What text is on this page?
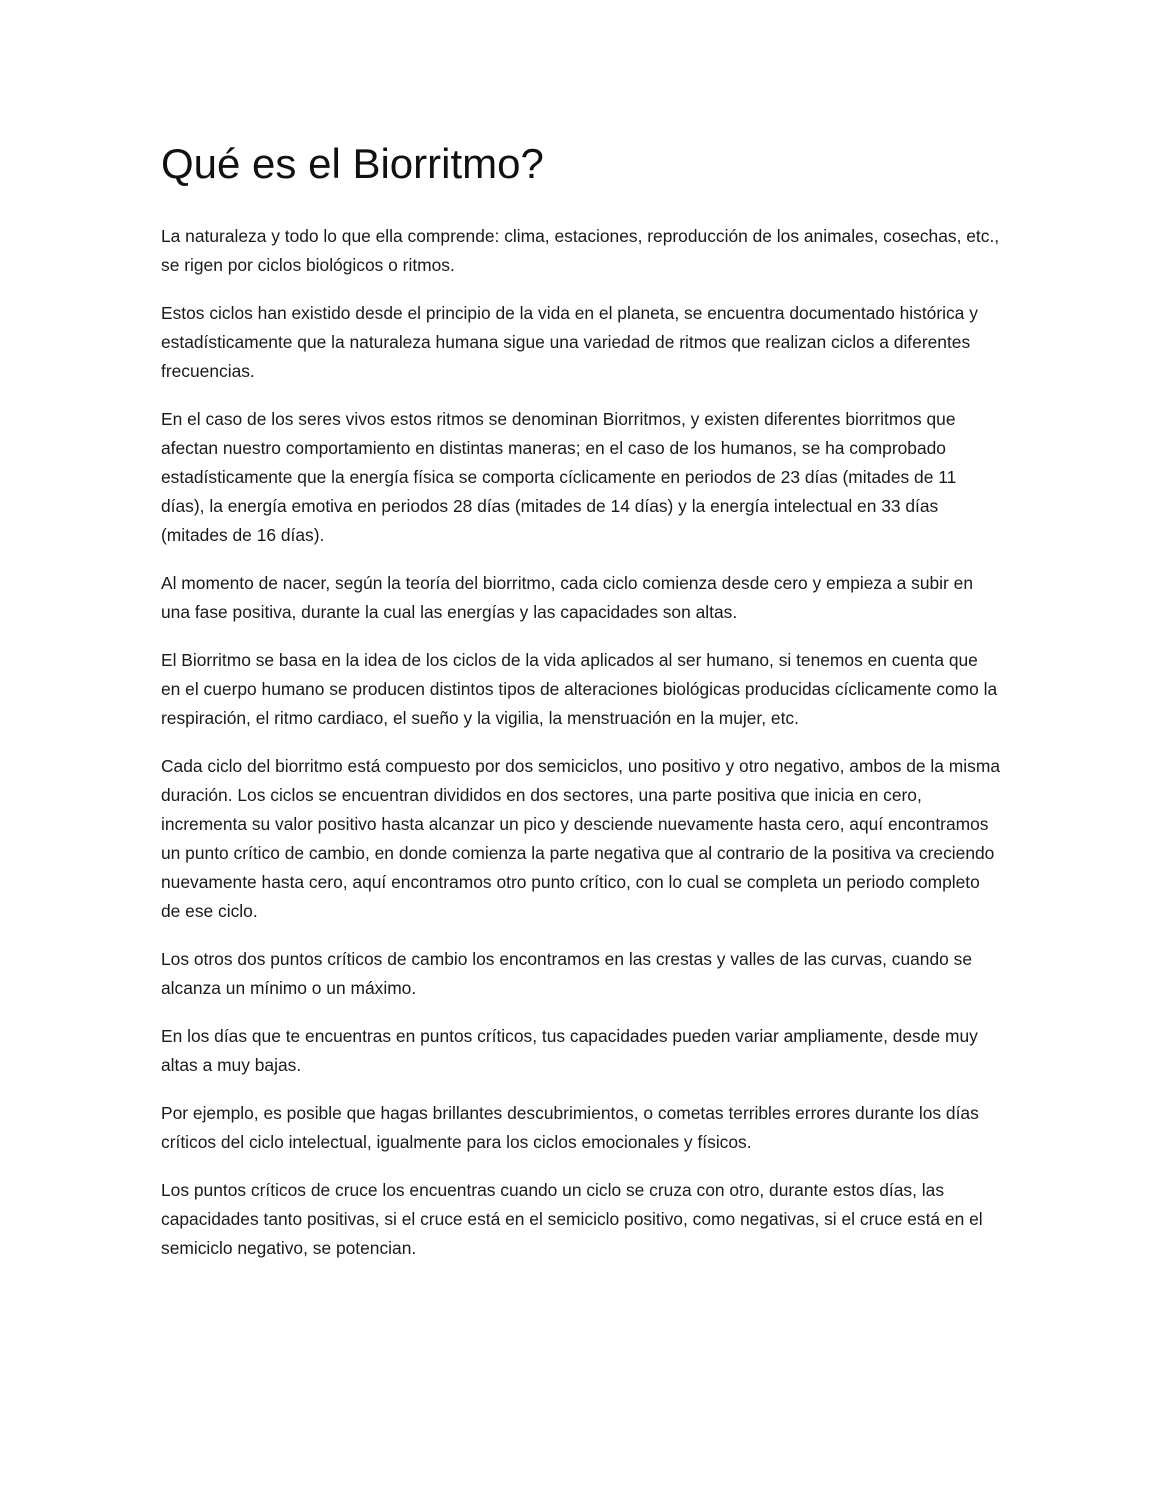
Qué es el Biorritmo?

La naturaleza y todo lo que ella comprende: clima, estaciones, reproducción de los animales, cosechas, etc., se rigen por ciclos biológicos o ritmos.

Estos ciclos han existido desde el principio de la vida en el planeta, se encuentra documentado histórica y estadísticamente que la naturaleza humana sigue una variedad de ritmos que realizan ciclos a diferentes frecuencias.

En el caso de los seres vivos estos ritmos se denominan Biorritmos, y existen diferentes biorritmos que afectan nuestro comportamiento en distintas maneras; en el caso de los humanos, se ha comprobado estadísticamente que la energía física se comporta cíclicamente en periodos de 23 días (mitades de 11 días), la energía emotiva en periodos 28 días (mitades de 14 días) y la energía intelectual en 33 días (mitades de 16 días).

Al momento de nacer, según la teoría del biorritmo, cada ciclo comienza desde cero y empieza a subir en una fase positiva, durante la cual las energías y las capacidades son altas.

El Biorritmo se basa en la idea de los ciclos de la vida aplicados al ser humano, si tenemos en cuenta que en el cuerpo humano se producen distintos tipos de alteraciones biológicas producidas cíclicamente como la respiración, el ritmo cardiaco, el sueño y la vigilia, la menstruación en la mujer, etc.

Cada ciclo del biorritmo está compuesto por dos semiciclos, uno positivo y otro negativo, ambos de la misma duración. Los ciclos se encuentran divididos en dos sectores, una parte positiva que inicia en cero, incrementa su valor positivo hasta alcanzar un pico y desciende nuevamente hasta cero, aquí encontramos un punto crítico de cambio, en donde comienza la parte negativa que al contrario de la positiva va creciendo nuevamente hasta cero, aquí encontramos otro punto crítico, con lo cual se completa un periodo completo de ese ciclo.

Los otros dos puntos críticos de cambio los encontramos en las crestas y valles de las curvas, cuando se alcanza un mínimo o un máximo.

En los días que te encuentras en puntos críticos, tus capacidades pueden variar ampliamente, desde muy altas a muy bajas.

Por ejemplo, es posible que hagas brillantes descubrimientos, o cometas terribles errores durante los días críticos del ciclo intelectual, igualmente para los ciclos emocionales y físicos.

Los puntos críticos de cruce los encuentras cuando un ciclo se cruza con otro, durante estos días, las capacidades tanto positivas, si el cruce está en el semiciclo positivo, como negativas, si el cruce está en el semiciclo negativo, se potencian.
